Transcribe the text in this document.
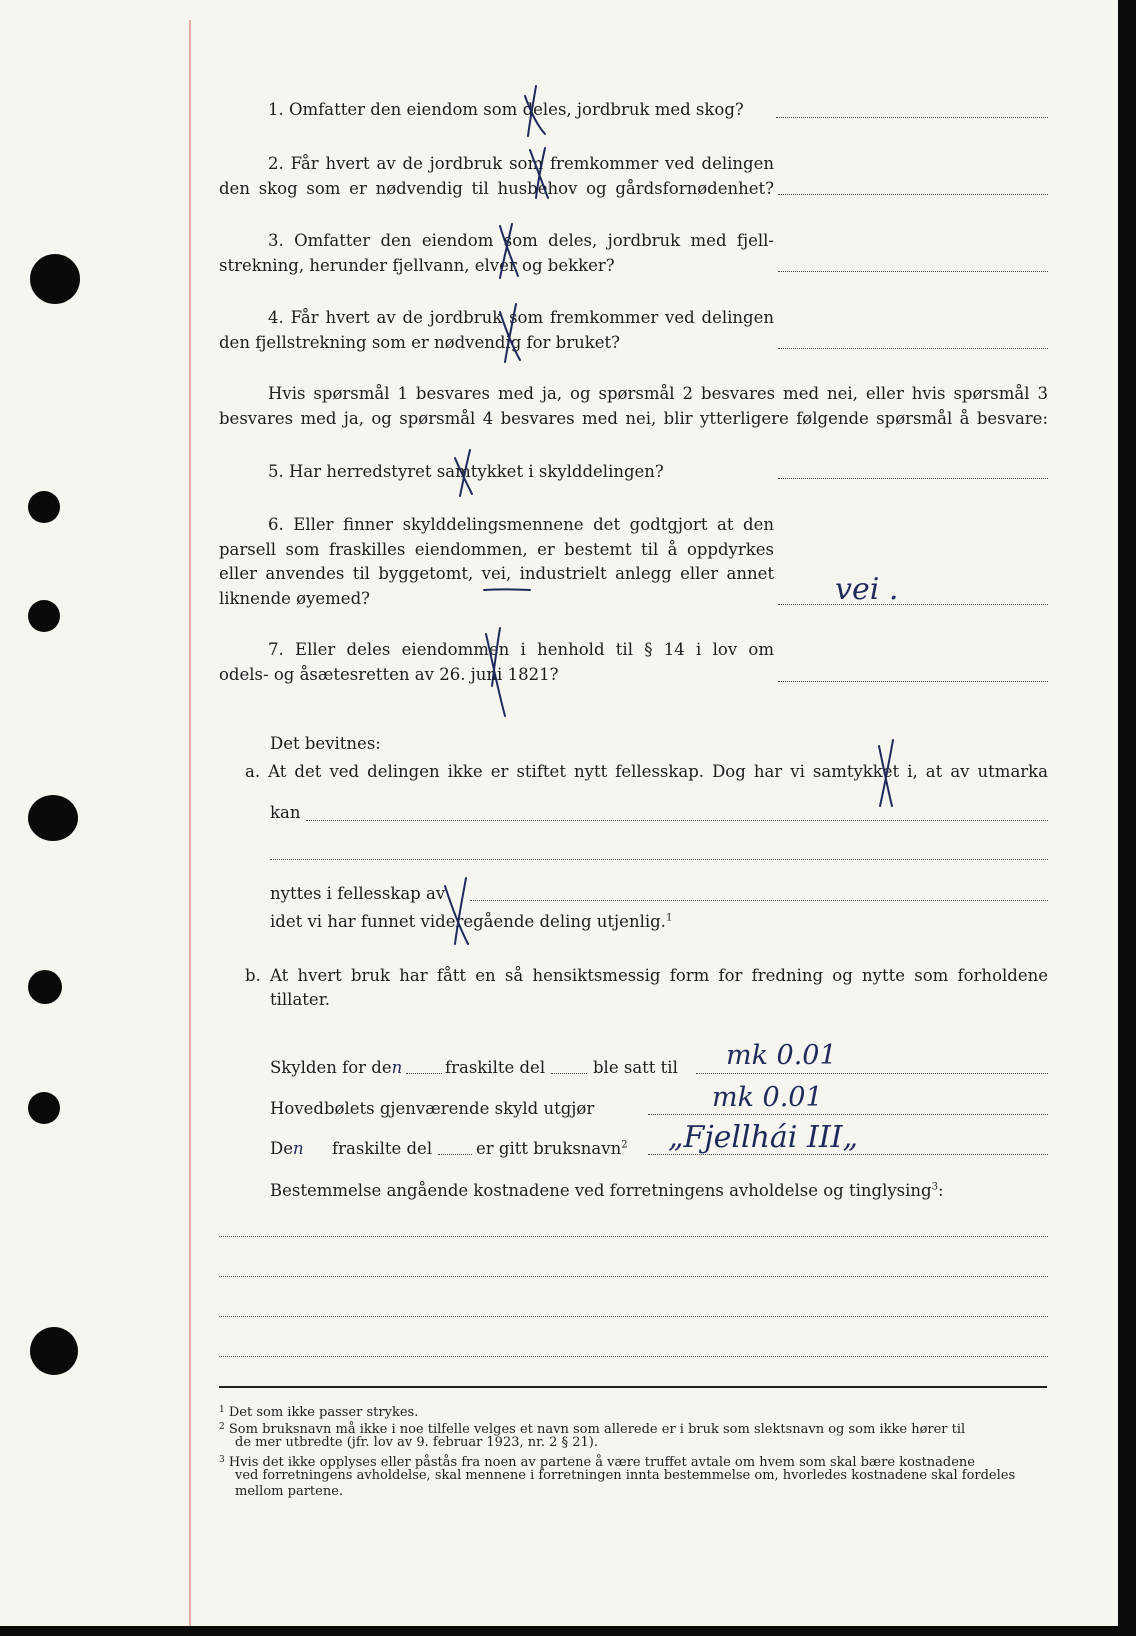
1. Omfatter den eiendom som deles, jordbruk med skog?
2. Får hvert av de jordbruk som fremkommer ved delingen
den skog som er nødvendig til husbehov og gårdsfornødenhet?
3. Omfatter den eiendom som deles, jordbruk med fjell-
strekning, herunder fjellvann, elver og bekker?
4. Får hvert av de jordbruk som fremkommer ved delingen
den fjellstrekning som er nødvendig for bruket?
Hvis spørsmål 1 besvares med ja, og spørsmål 2 besvares med nei, eller hvis spørsmål 3
besvares med ja, og spørsmål 4 besvares med nei, blir ytterligere følgende spørsmål å besvare:
5. Har herredstyret samtykket i skylddelingen?
6. Eller finner skylddelingsmennene det godtgjort at den
parsell som fraskilles eiendommen, er bestemt til å oppdyrkes
eller anvendes til byggetomt, vei, industrielt anlegg eller annet
liknende øyemed?	vei .
7. Eller deles eiendommen i henhold til § 14 i lov om
odels- og åsætesretten av 26. juni 1821?
Det bevitnes:
a. At det ved delingen ikke er stiftet nytt fellesskap. Dog har vi samtykket i, at av utmarka
kan
nyttes i fellesskap av
idet vi har funnet videregående deling utjenlig.$^1$
b. At hvert bruk har fått en så hensiktsmessig form for fredning og nytte som forholdene
tillater.
Skylden for den	fraskilte del	ble satt til mk 0.01
Hovedbølets gjenværende skyld utgjør	mk 0.01
Den fraskilte del	er gitt bruksnavn$^2$ „Fjellhái III„
Bestemmelse angående kostnadene ved forretningens avholdelse og tinglysing$^3$:
$^1$ Det som ikke passer strykes.
$^2$ Som bruksnavn må ikke i noe tilfelle velges et navn som allerede er i bruk som slektsnavn og som ikke hører til
de mer utbredte (jfr. lov av 9. februar 1923, nr. 2 § 21).
$^3$ Hvis det ikke opplyses eller påstås fra noen av partene å være truffet avtale om hvem som skal bære kostnadene
ved forretningens avholdelse, skal mennene i forretningen innta bestemmelse om, hvorledes kostnadene skal fordeles
mellom partene.
